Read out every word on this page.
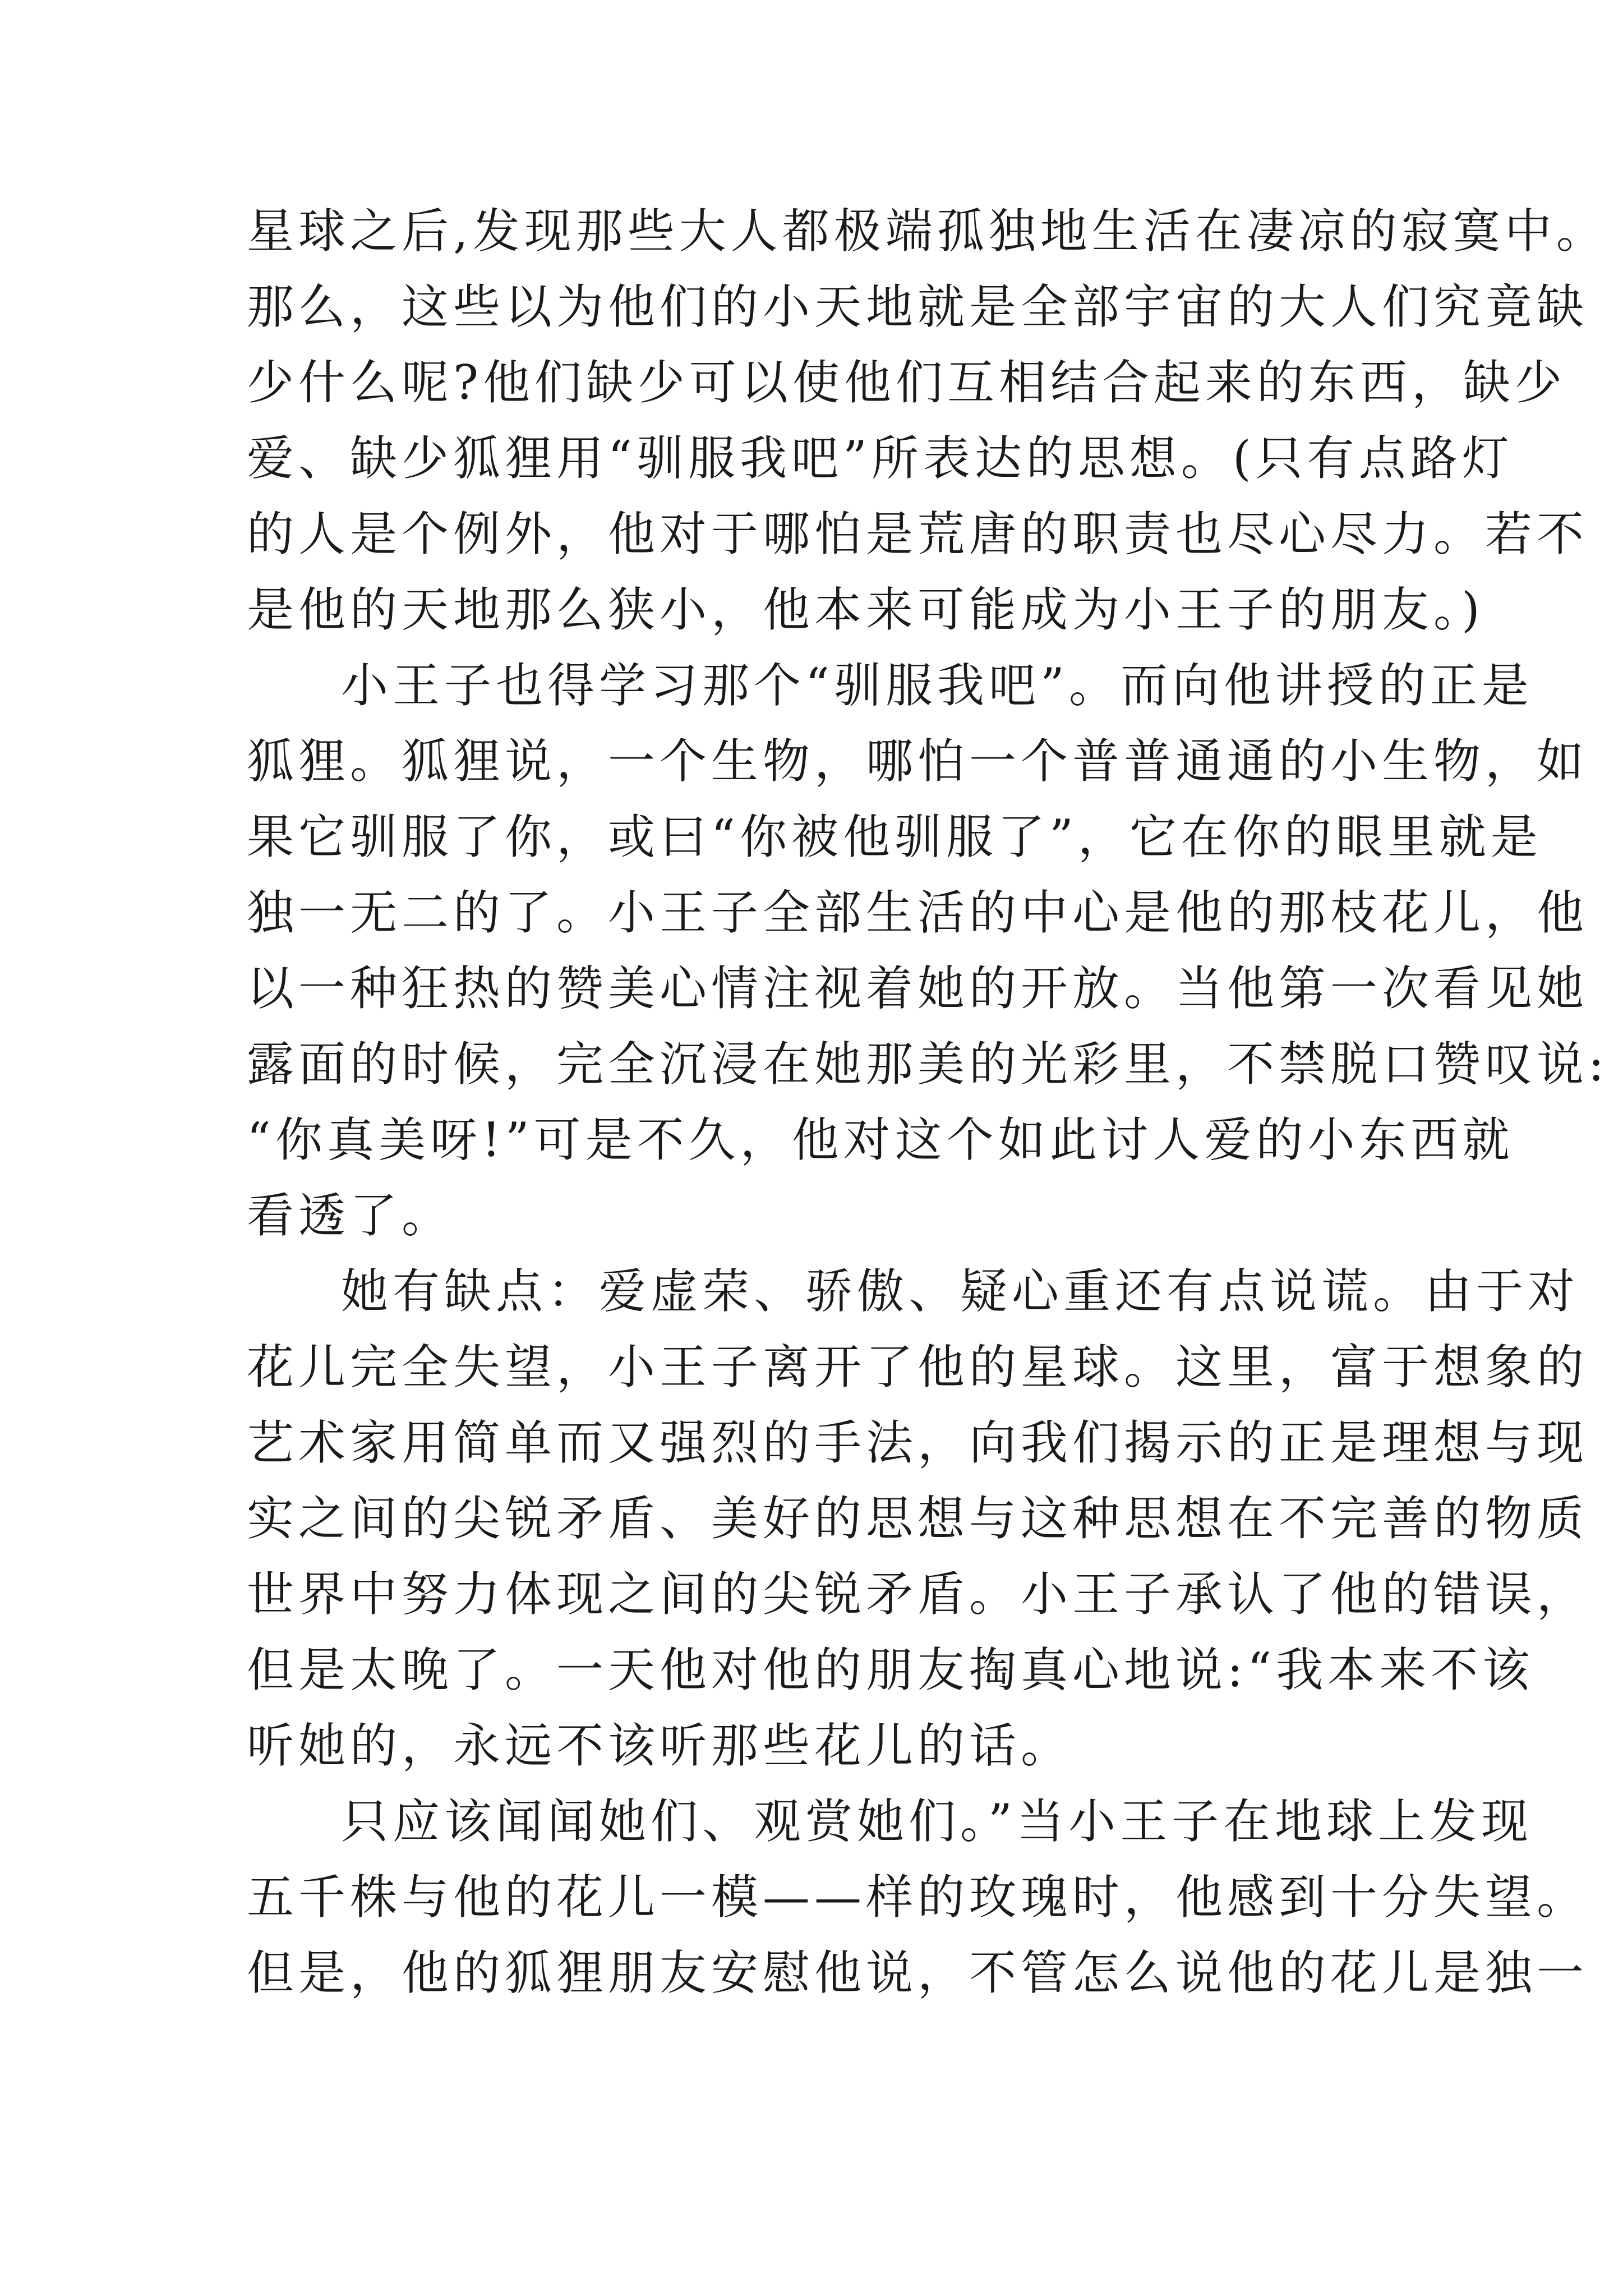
星球之后,发现那些大人都极端孤独地生活在凄凉的寂寞中。
那么，这些以为他们的小天地就是全部宇宙的大人们究竟缺
少什么呢?他们缺少可以使他们互相结合起来的东西，缺少
爱、缺少狐狸用“驯服我吧”所表达的思想。(只有点路灯
的人是个例外，他对于哪怕是荒唐的职责也尽心尽力。若不
是他的天地那么狭小，他本来可能成为小王子的朋友。)
小王子也得学习那个“驯服我吧”。而向他讲授的正是
狐狸。狐狸说，一个生物，哪怕一个普普通通的小生物，如
果它驯服了你，或曰“你被他驯服了”，它在你的眼里就是
独一无二的了。小王子全部生活的中心是他的那枝花儿，他
以一种狂热的赞美心情注视着她的开放。当他第一次看见她
露面的时候，完全沉浸在她那美的光彩里，不禁脱口赞叹说:
“你真美呀!”可是不久，他对这个如此讨人爱的小东西就
看透了。
她有缺点：爱虚荣、骄傲、疑心重还有点说谎。由于对
花儿完全失望，小王子离开了他的星球。这里，富于想象的
艺术家用简单而又强烈的手法，向我们揭示的正是理想与现
实之间的尖锐矛盾、美好的思想与这种思想在不完善的物质
世界中努力体现之间的尖锐矛盾。小王子承认了他的错误，
但是太晚了。一天他对他的朋友掏真心地说:“我本来不该
听她的，永远不该听那些花儿的话。
只应该闻闻她们、观赏她们。”当小王子在地球上发现
五千株与他的花儿一模——样的玫瑰时，他感到十分失望。
但是，他的狐狸朋友安慰他说，不管怎么说他的花儿是独一
